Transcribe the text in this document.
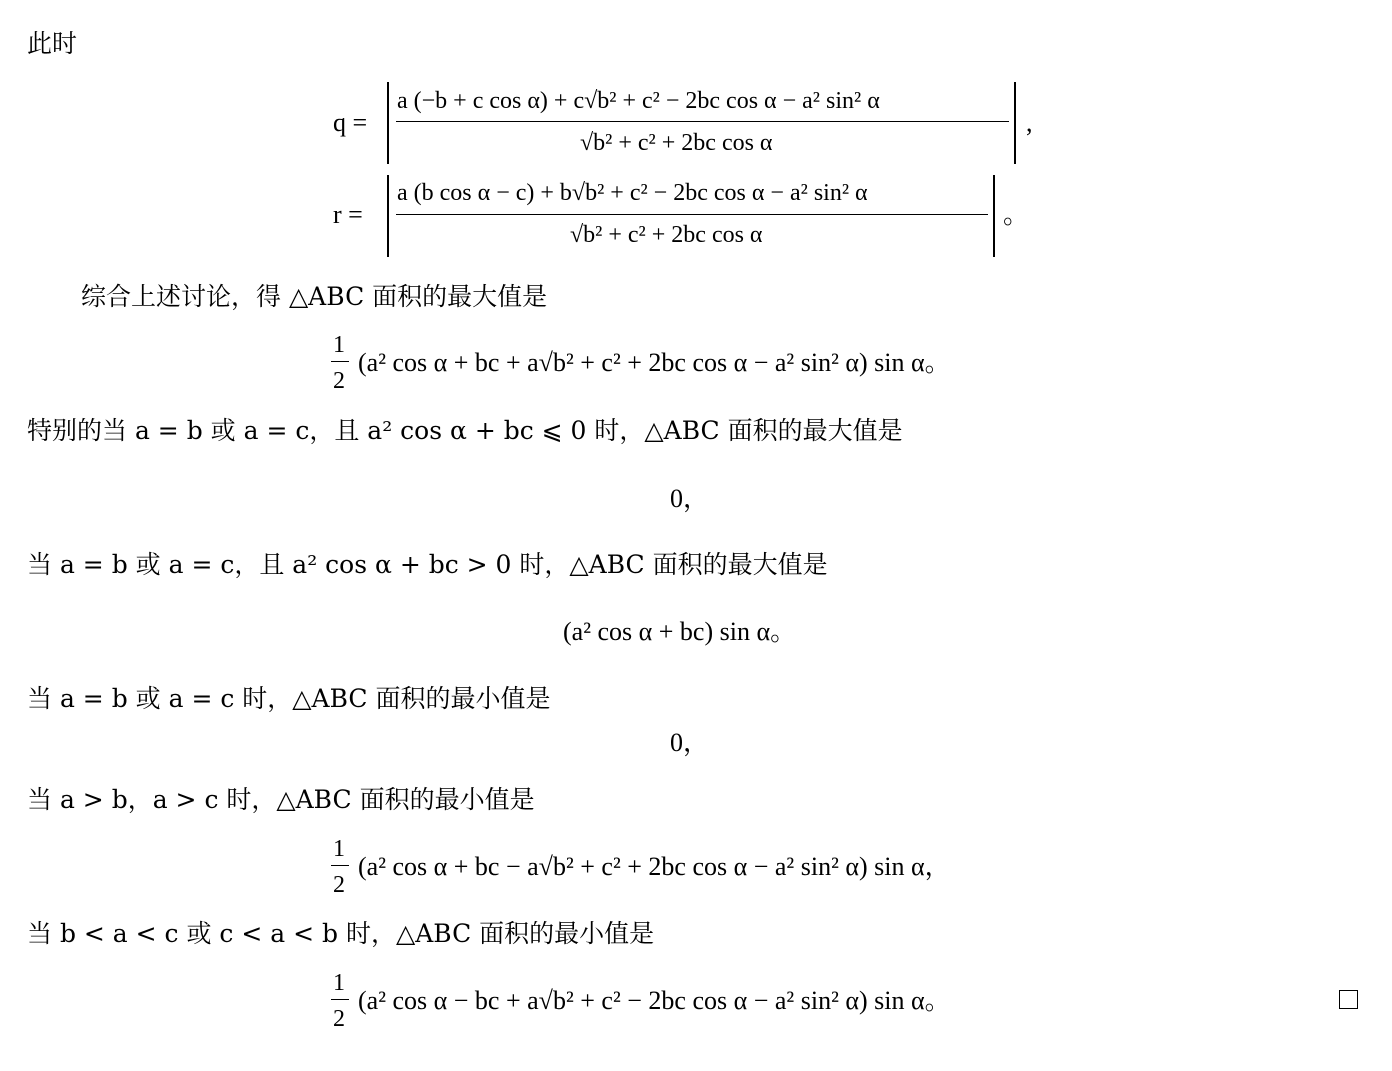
此时
q =
a (−b + c cos α) + c√b² + c² − 2bc cos α − a² sin² α
√b² + c² + 2bc cos α
,
r =
a (b cos α − c) + b√b² + c² − 2bc cos α − a² sin² α
√b² + c² + 2bc cos α
。
综合上述讨论，得 △ABC 面积的最大值是
1
2
(a² cos α + bc + a√b² + c² + 2bc cos α − a² sin² α) sin α。
特别的当 a = b 或 a = c，且 a² cos α + bc ⩽ 0 时，△ABC 面积的最大值是
0，
当 a = b 或 a = c，且 a² cos α + bc > 0 时，△ABC 面积的最大值是
(a² cos α + bc) sin α。
当 a = b 或 a = c 时，△ABC 面积的最小值是
0，
当 a > b，a > c 时，△ABC 面积的最小值是
1
2
(a² cos α + bc − a√b² + c² + 2bc cos α − a² sin² α) sin α，
当 b < a < c 或 c < a < b 时，△ABC 面积的最小值是
1
2
(a² cos α − bc + a√b² + c² − 2bc cos α − a² sin² α) sin α。
